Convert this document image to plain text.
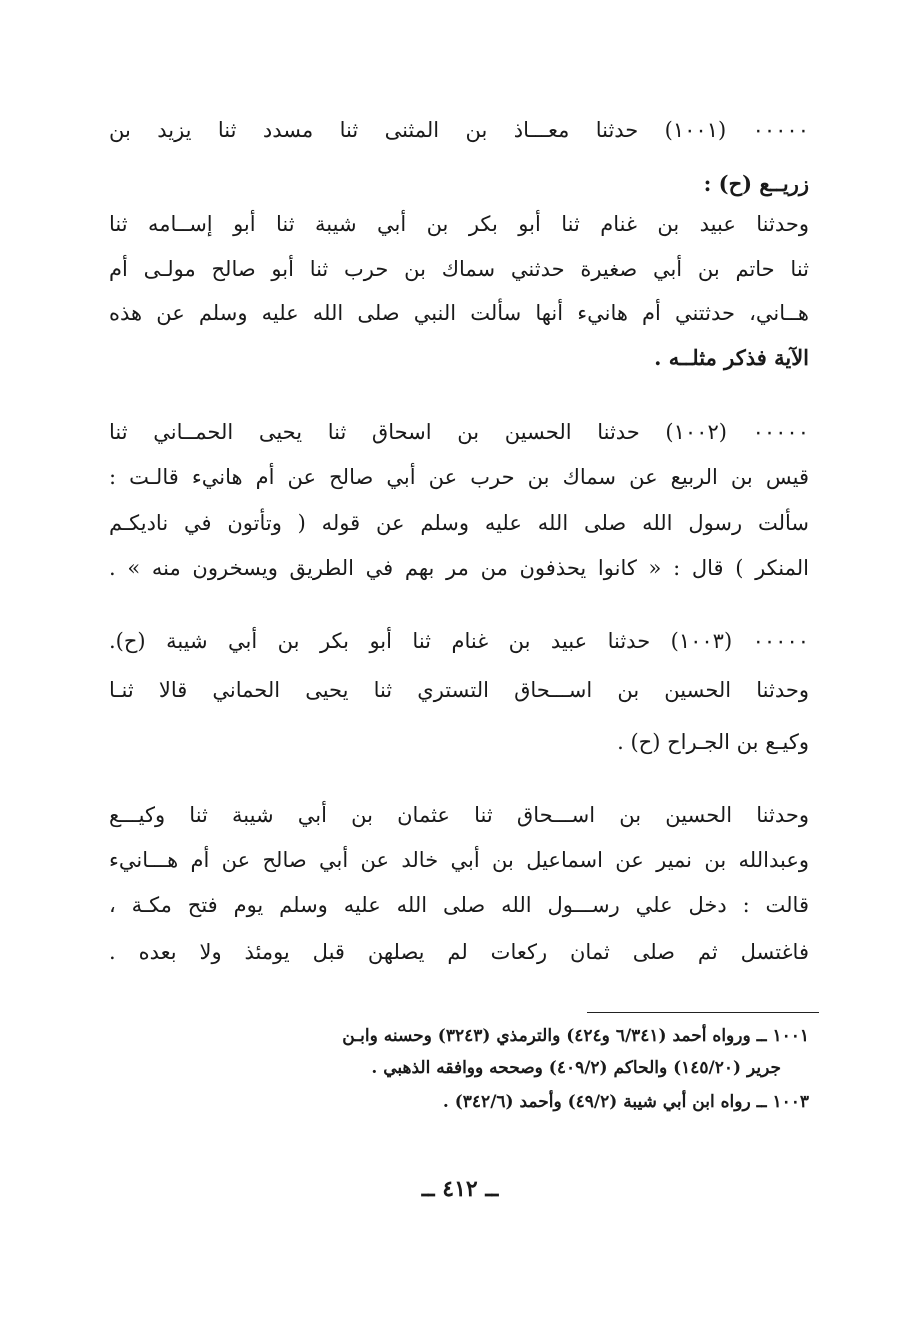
٠٠٠٠٠ (١٠٠١) حدثنا معـــاذ بن المثنى ثنا مسدد ثنا يزيد بن
زريــع (ح) :
وحدثنا عبيد بن غنام ثنا أبو بكر بن أبي شيبة ثنا أبو إســامه ثنا
ثنا حاتم بن أبي صغيرة حدثني سماك بن حرب ثنا أبو صالح مولـى أم
هــاني، حدثتني أم هانيء أنها سألت النبي صلى الله عليه وسلم عن هذه
الآية فذكر مثلــه .
٠٠٠٠٠ (١٠٠٢) حدثنا الحسين بن اسحاق ثنا يحيى الحمــاني ثنا
قيس بن الربيع عن سماك بن حرب عن أبي صالح عن أم هانيء قالـت :
سألت رسول الله صلى الله عليه وسلم عن قوله ( وتأتون في ناديكـم
المنكر ) قال : « كانوا يحذفون من مر بهم في الطريق ويسخرون منه » .
٠٠٠٠٠ (١٠٠٣) حدثنا عبيد بن غنام ثنا أبو بكر بن أبي شيبة (ح).
وحدثنا الحسين بن اســـحاق التستري ثنا يحيى الحماني قالا ثنـا
وكيـع بن الجـراح (ح) .
وحدثنا الحسين بن اســـحاق ثنا عثمان بن أبي شيبة ثنا وكيـــع
وعبدالله بن نمير عن اسماعيل بن أبي خالد عن أبي صالح عن أم هـــانيء
قالت : دخل علي رســـول الله صلى الله عليه وسلم يوم فتح مكـة ،
فاغتسل ثم صلى ثمان ركعات لم يصلهن قبل يومئذ ولا بعده .
١٠٠١ ــ ورواه أحمد (٦/٣٤١ و٤٢٤) والترمذي (٣٢٤٣) وحسنه وابـن
جرير (١٤٥/٢٠) والحاكم (٤٠٩/٢) وصححه ووافقه الذهبي .
١٠٠٣ ــ رواه ابن أبي شيبة (٤٩/٢) وأحمد (٣٤٢/٦) .
ــ ٤١٢ ــ
